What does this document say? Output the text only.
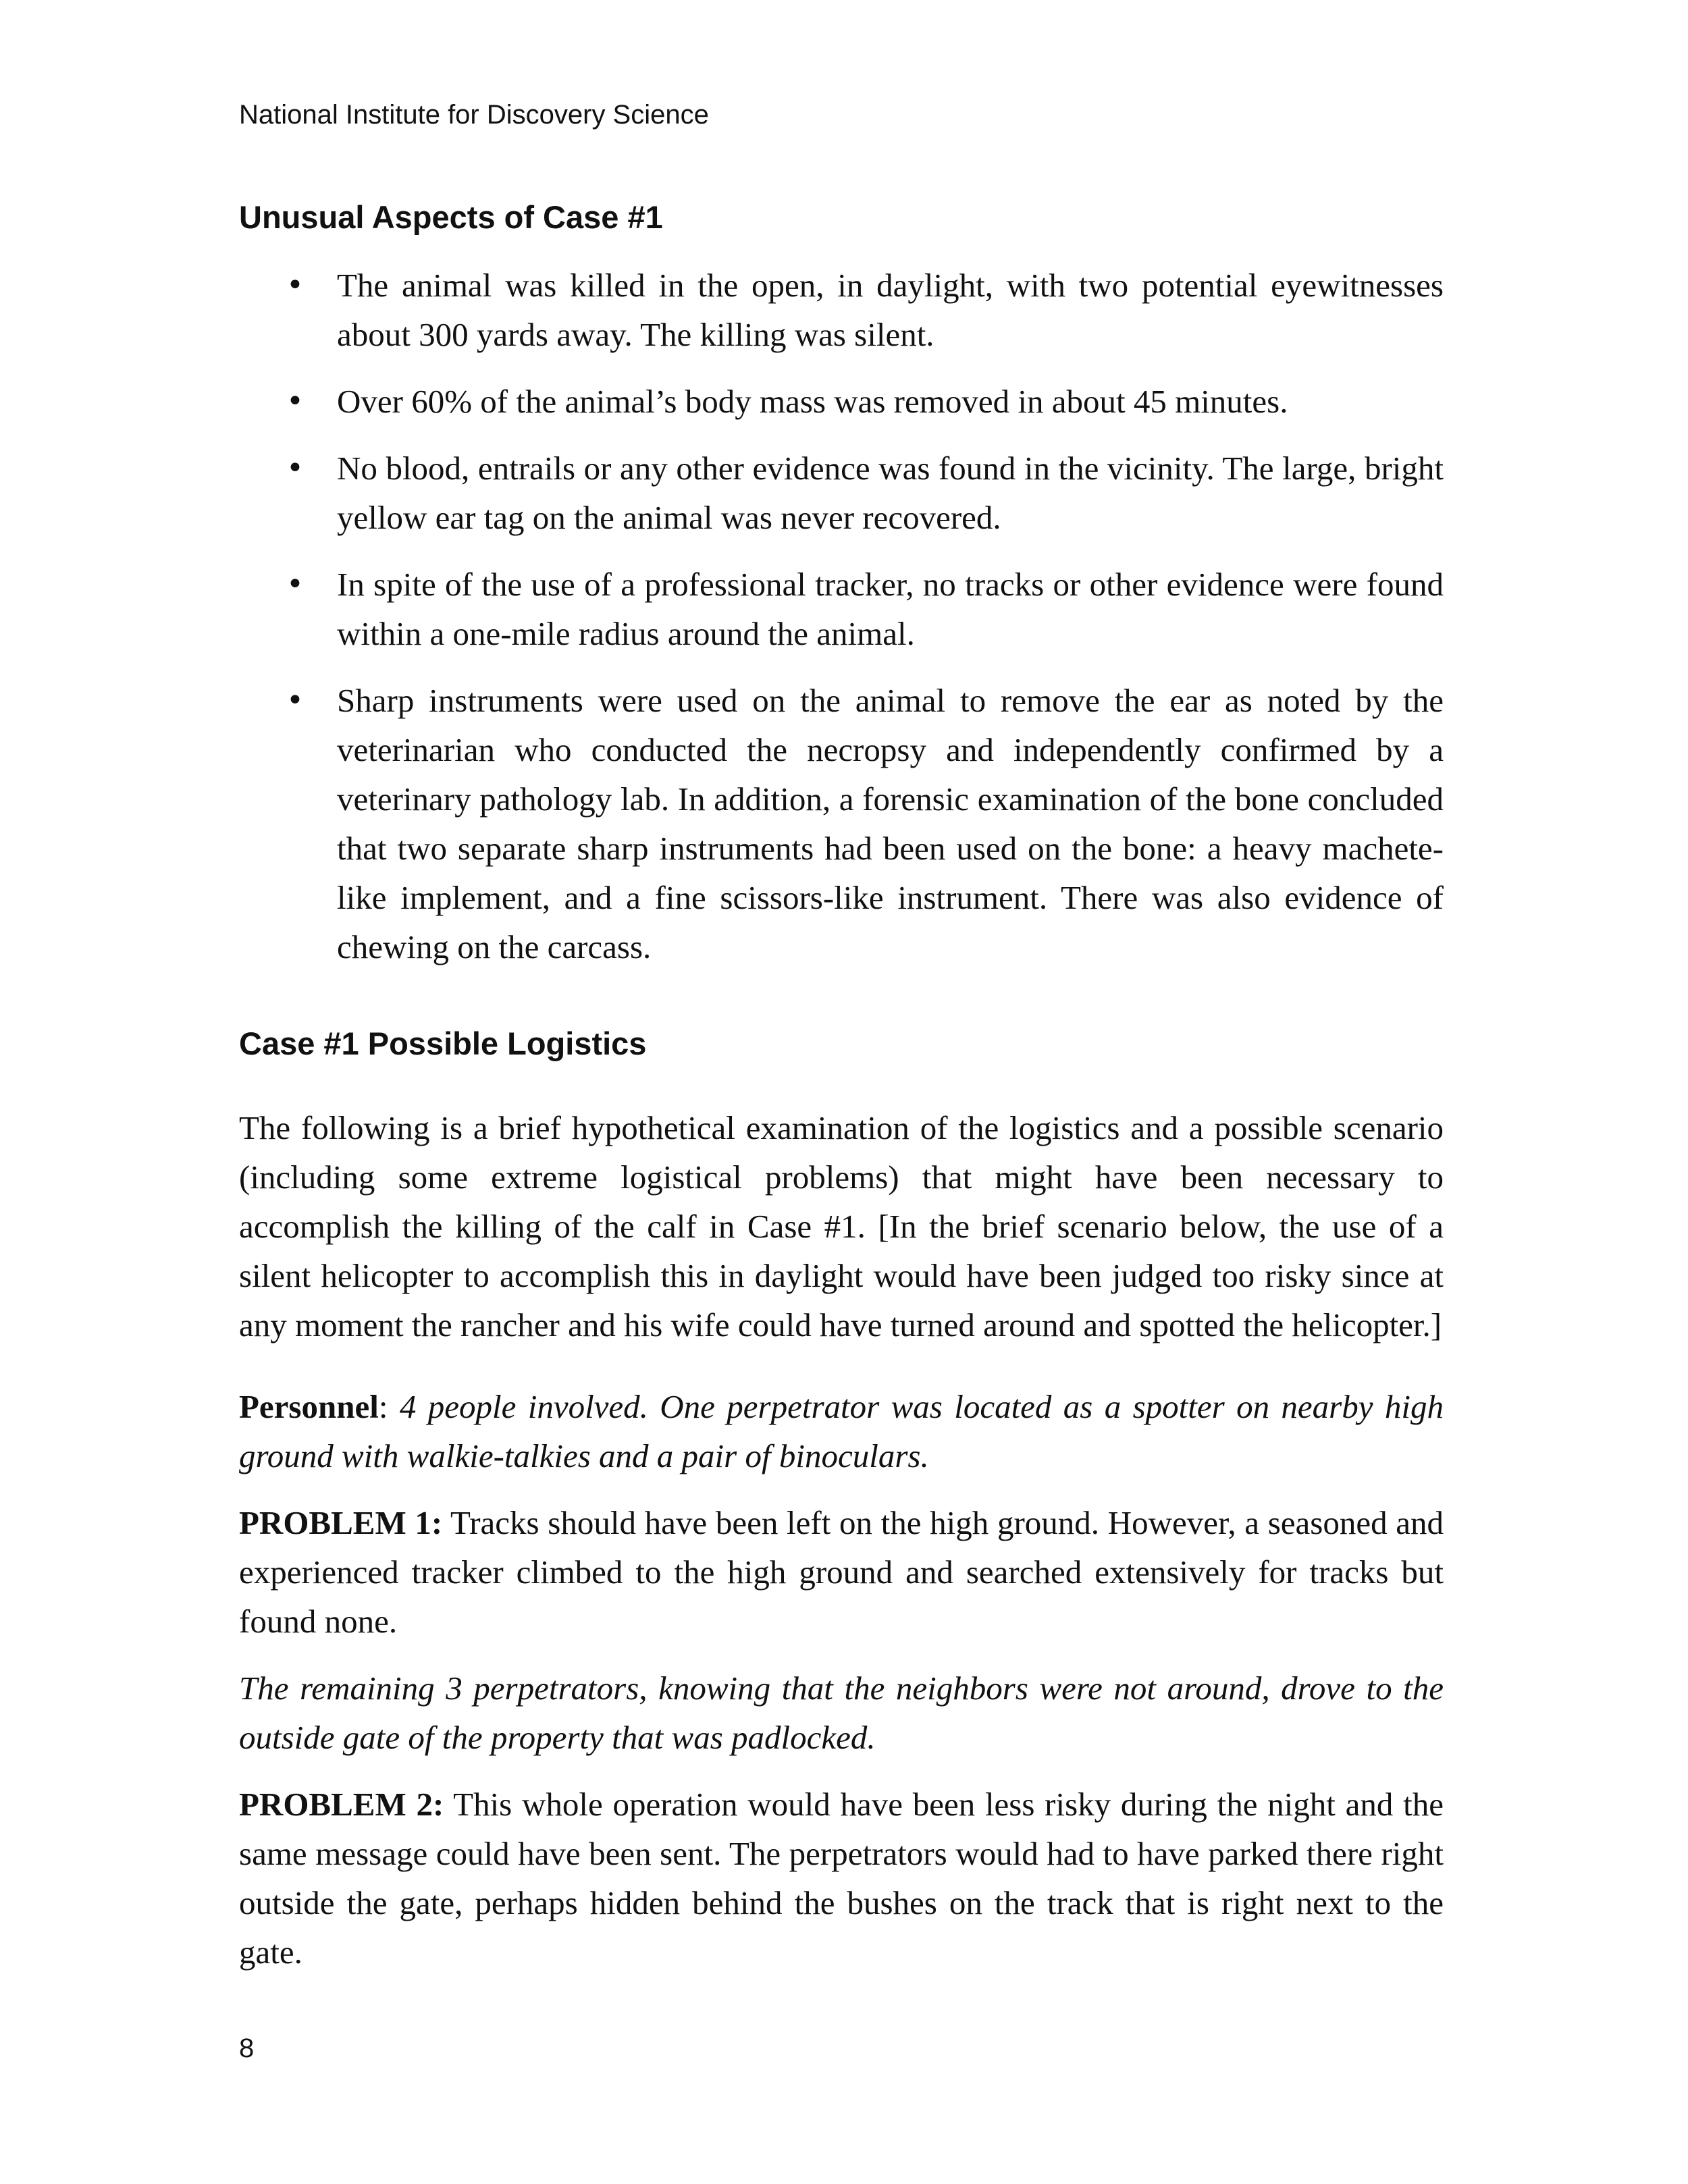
National Institute for Discovery Science
Unusual Aspects of Case #1
• The animal was killed in the open, in daylight, with two potential eyewitnesses about 300 yards away. The killing was silent.
• Over 60% of the animal’s body mass was removed in about 45 minutes.
• No blood, entrails or any other evidence was found in the vicinity. The large, bright yellow ear tag on the animal was never recovered.
• In spite of the use of a professional tracker, no tracks or other evidence were found within a one-mile radius around the animal.
• Sharp instruments were used on the animal to remove the ear as noted by the veterinarian who conducted the necropsy and independently confirmed by a veterinary pathology lab. In addition, a forensic examination of the bone concluded that two separate sharp instruments had been used on the bone: a heavy machete-like implement, and a fine scissors-like instrument. There was also evidence of chewing on the carcass.
Case #1 Possible Logistics

The following is a brief hypothetical examination of the logistics and a possible scenario (including some extreme logistical problems) that might have been necessary to accomplish the killing of the calf in Case #1. [In the brief scenario below, the use of a silent helicopter to accomplish this in daylight would have been judged too risky since at any moment the rancher and his wife could have turned around and spotted the helicopter.]

Personnel: 4 people involved. One perpetrator was located as a spotter on nearby high ground with walkie-talkies and a pair of binoculars.

PROBLEM 1: Tracks should have been left on the high ground. However, a seasoned and experienced tracker climbed to the high ground and searched extensively for tracks but found none.

The remaining 3 perpetrators, knowing that the neighbors were not around, drove to the outside gate of the property that was padlocked.

PROBLEM 2: This whole operation would have been less risky during the night and the same message could have been sent. The perpetrators would had to have parked there right outside the gate, perhaps hidden behind the bushes on the track that is right next to the gate.

8
